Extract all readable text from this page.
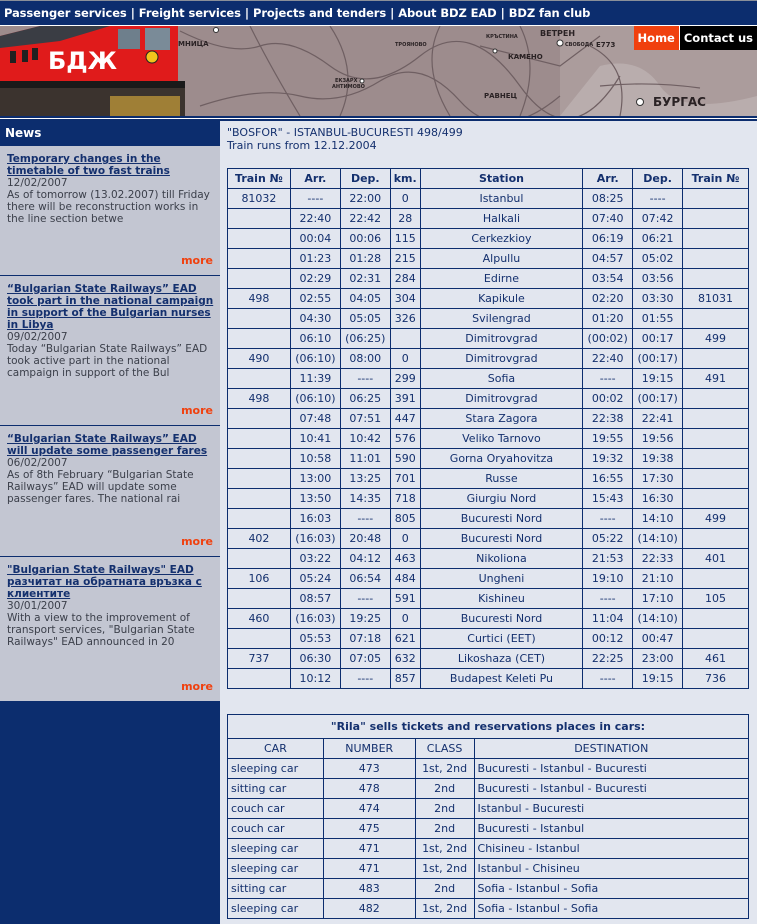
Passenger services | Freight services | Projects and tenders | About BDZ EAD | BDZ fan club
МНИЦА
КАМЕНО
ВЕТРЕН
E773
РАВНЕЦ	БУРГАС
АНТИМОВО
ЕКЗАРХ
КРЪСТИНА
СВОБОДА
ТРОЯНОВО
БДЖ
Home Contact us
News
Temporary changes in the timetable of two fast trains
12/02/2007
As of tomorrow (13.02.2007) till Friday there will be reconstruction works in the line section betwe
more
“Bulgarian State Railways” EAD took part in the national campaign in support of the Bulgarian nurses in Libya
09/02/2007
Today “Bulgarian State Railways” EAD took active part in the national campaign in support of the Bul
more
“Bulgarian State Railways” EAD will update some passenger fares
06/02/2007
As of 8th February “Bulgarian State Railways” EAD will update some passenger fares. The national rai
more
"Bulgarian State Railways" EAD разчитат на обратната връзка с клиентите
30/01/2007
With a view to the improvement of transport services, "Bulgarian State Railways" EAD announced in 20
more
"BOSFOR" - ISTANBUL-BUCURESTI 498/499
Train runs from 12.12.2004
Train №	Arr.	Dep.	km.	Station	Arr.	Dep.	Train №
81032	----	22:00	0	Istanbul	08:25	----	
	22:40	22:42	28	Halkali	07:40	07:42	
	00:04	00:06	115	Cerkezkioy	06:19	06:21	
	01:23	01:28	215	Alpullu	04:57	05:02	
	02:29	02:31	284	Edirne	03:54	03:56	
498	02:55	04:05	304	Kapikule	02:20	03:30	81031
	04:30	05:05	326	Svilengrad	01:20	01:55	
	06:10	(06:25)		Dimitrovgrad	(00:02)	00:17	499
490	(06:10)	08:00	0	Dimitrovgrad	22:40	(00:17)	
	11:39	----	299	Sofia	----	19:15	491
498	(06:10)	06:25	391	Dimitrovgrad	00:02	(00:17)	
	07:48	07:51	447	Stara Zagora	22:38	22:41	
	10:41	10:42	576	Veliko Tarnovo	19:55	19:56	
	10:58	11:01	590	Gorna Oryahovitza	19:32	19:38	
	13:00	13:25	701	Russe	16:55	17:30	
	13:50	14:35	718	Giurgiu Nord	15:43	16:30	
	16:03	----	805	Bucuresti Nord	----	14:10	499
402	(16:03)	20:48	0	Bucuresti Nord	05:22	(14:10)	
	03:22	04:12	463	Nikoliona	21:53	22:33	401
106	05:24	06:54	484	Ungheni	19:10	21:10	
	08:57	----	591	Kishineu	----	17:10	105
460	(16:03)	19:25	0	Bucuresti Nord	11:04	(14:10)	
	05:53	07:18	621	Curtici (EET)	00:12	00:47	
737	06:30	07:05	632	Likoshaza (CET)	22:25	23:00	461
	10:12	----	857	Budapest Keleti Pu	----	19:15	736
"Rila" sells tickets and reservations places in cars:			
CAR	NUMBER	CLASS	DESTINATION
sleeping car	473	1st, 2nd	Bucuresti - Istanbul - Bucuresti
sitting car	478	2nd	Bucuresti - Istanbul - Bucuresti
couch car	474	2nd	Istanbul - Bucuresti
couch car	475	2nd	Bucuresti - Istanbul
sleeping car	471	1st, 2nd	Chisineu - Istanbul
sleeping car	471	1st, 2nd	Istanbul - Chisineu
sitting car	483	2nd	Sofia - Istanbul - Sofia
sleeping car	482	1st, 2nd	Sofia - Istanbul - Sofia
